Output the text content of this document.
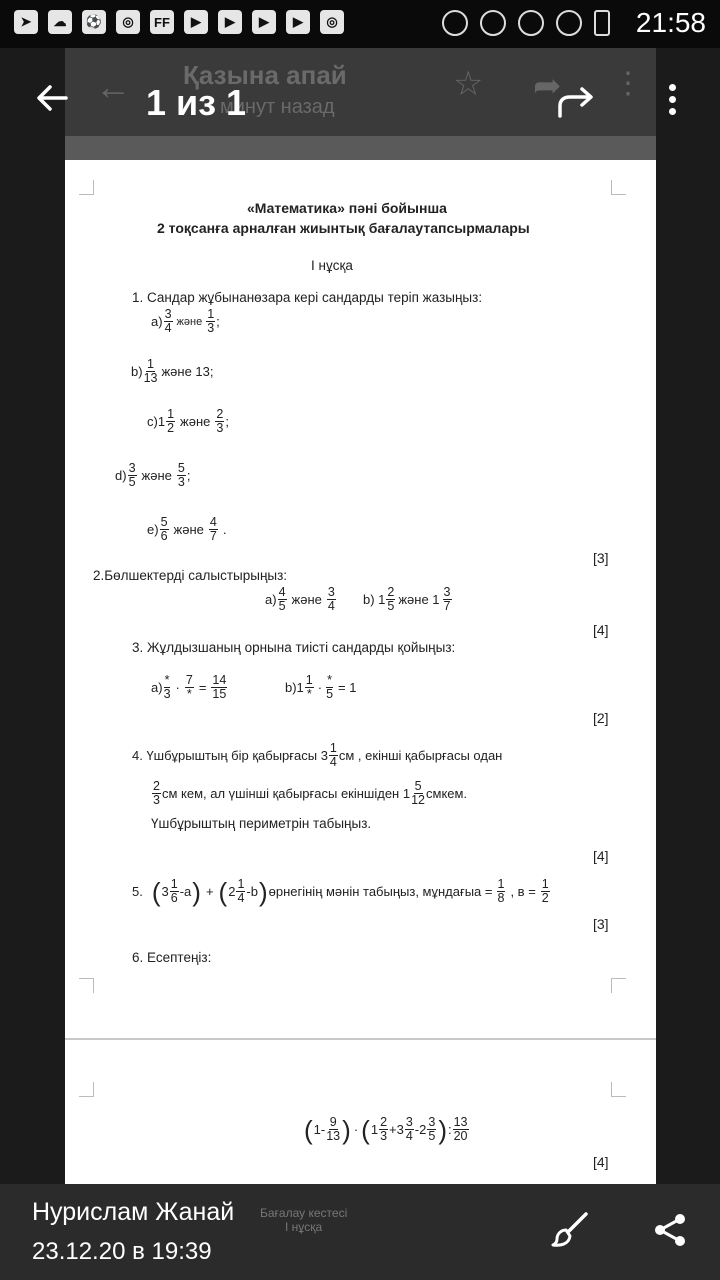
➤	☁	⚽	◎	FF	▶	▶	▶	▶	◎	21:58
← Қазына апай
минут назад
☆ ➦ ⋮
1 из 1
«Математика» пәні бойынша
2 тоқсанға арналған жиынтық бағалаутапсырмалары
І нұсқа
1. Сандар жұбынанөзара кері сандарды теріп жазыңыз:
$а) \frac{3}{4}$ және $\frac{1}{3}$ ;
$b) \frac{1}{13}$ және 13;
$c)1 \frac{1}{2}$ және $\frac{2}{3}$ ;
$d) \frac{3}{5}$ және $\frac{5}{3}$ ;
$e) \frac{5}{6}$ және $\frac{4}{7}$ .
[3]
2.Бөлшектерді салыстырыңыз:
$а) \frac{4}{5}$ және $\frac{3}{4} b$) $1 \frac{2}{5}$ және $1 \frac{3}{7}$
[4]
3. Жұлдызшаның орнына тиісті сандарды қойыңыз:
$а) \frac{*}{3} \cdot \frac{7}{*} = \frac{14}{15}$	$b)1 \frac{1}{*} \cdot \frac{*}{5} = 1$
[2]
4. Үшбұрыштың бір қабырғасы $3 \frac{1}{4}$ см , екінші қабырғасы одан
$\frac{2}{3}$ см кем, ал үшінші қабырғасы екіншіден $1 \frac{5}{12}$ смкем.
Үшбұрыштың периметрін табыңыз.
[4]
5. ( $3 \frac{1}{6} -а$ ) + ( $2 \frac{1}{4} -b$ ) өрнегінің мәнін табыңыз, мұндағыа = $\frac{1}{8}$ , $в = \frac{1}{2}$
[3]
6. Есептеңіз:
( $1- \frac{9}{13}$ ) · ( $1 \frac{2}{3} +3 \frac{3}{4} -2 \frac{3}{5}$ ) : $\frac{13}{20}$
[4]
Бағалау кестесі
І нұсқа
Нурислам Жанай
23.12.20 в 19:39
